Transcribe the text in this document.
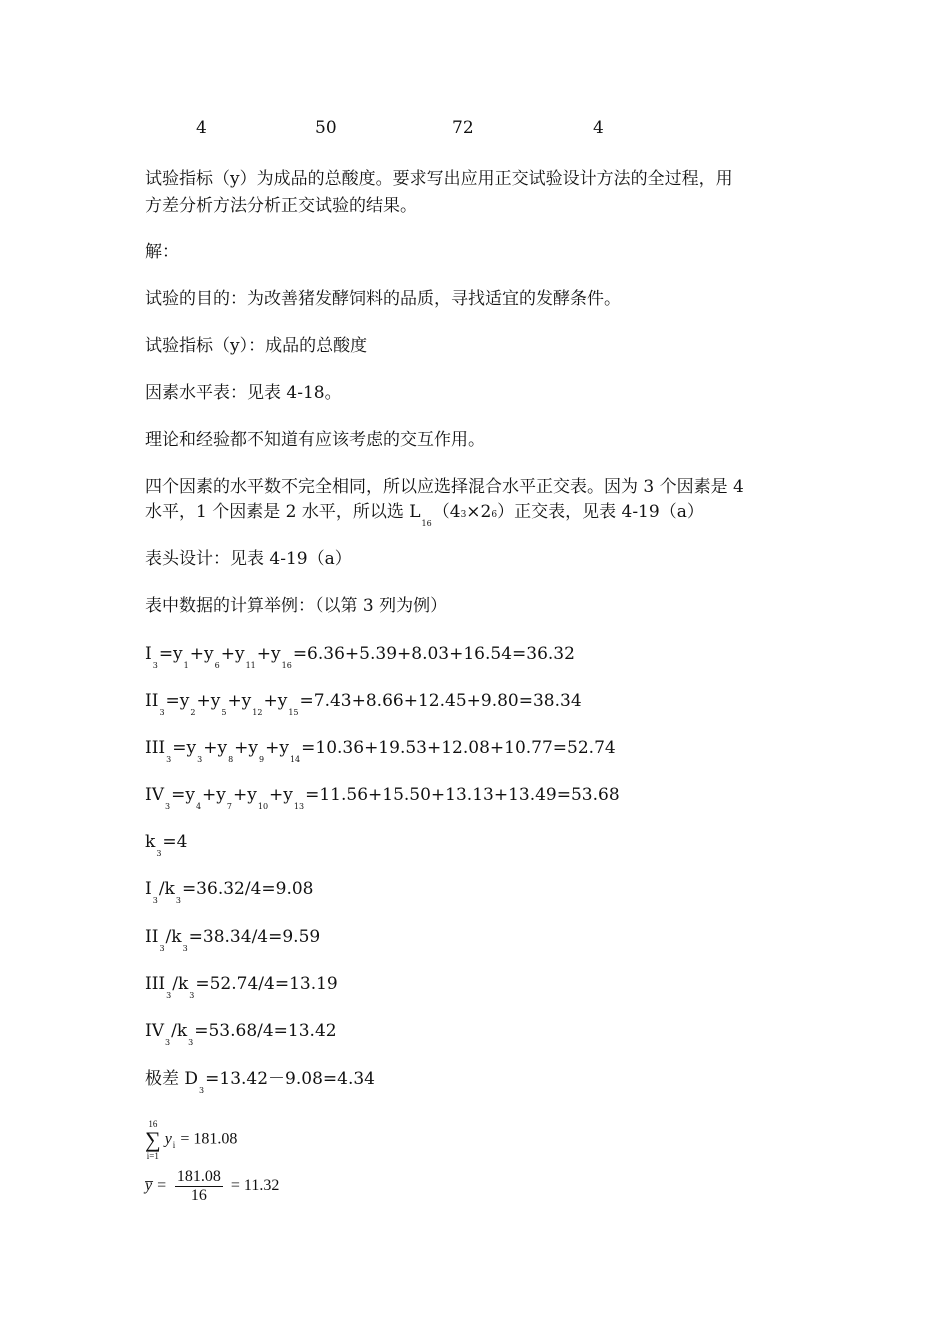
4	50	72	4
试验指标（y）为成品的总酸度。要求写出应用正交试验设计方法的全过程，用
方差分析方法分析正交试验的结果。
解：
试验的目的：为改善猪发酵饲料的品质，寻找适宜的发酵条件。
试验指标（y）：成品的总酸度
因素水平表：见表 4-18。
理论和经验都不知道有应该考虑的交互作用。
四个因素的水平数不完全相同，所以应选择混合水平正交表。因为 3 个因素是 4
水平，1 个因素是 2 水平，所以选 $L_{16}(43\times 26)$正交表，见表 4-19（a）
表头设计：见表 4-19（a）
表中数据的计算举例：（以第 3 列为例）
$I_3=y_1+y_6+y_{11}+y_{16}=6.36+5.39+8.03+16.54=36.32$
$II_3=y_2+y_5+y_{12}+y_{15}=7.43+8.66+12.45+9.80=38.34$
$III_3=y_3+y_8+y_9+y_{14}=10.36+19.53+12.08+10.77=52.74$
$IV_3=y_4+y_7+y_{10}+y_{13}=11.56+15.50+13.13+13.49=53.68$
$k_3=4$
$I_3/k_3=36.32/4=9.08$
$II_3/k_3=38.34/4=9.59$
$III_3/k_3=52.74/4=13.19$
$IV_3/k_3=53.68/4=13.42$
极差 $D_3=13.42-9.08=4.34$
16
∑
i=1
$y_i = 181.08$
y̅ = $\frac{181.08}{16} = 11.32$
